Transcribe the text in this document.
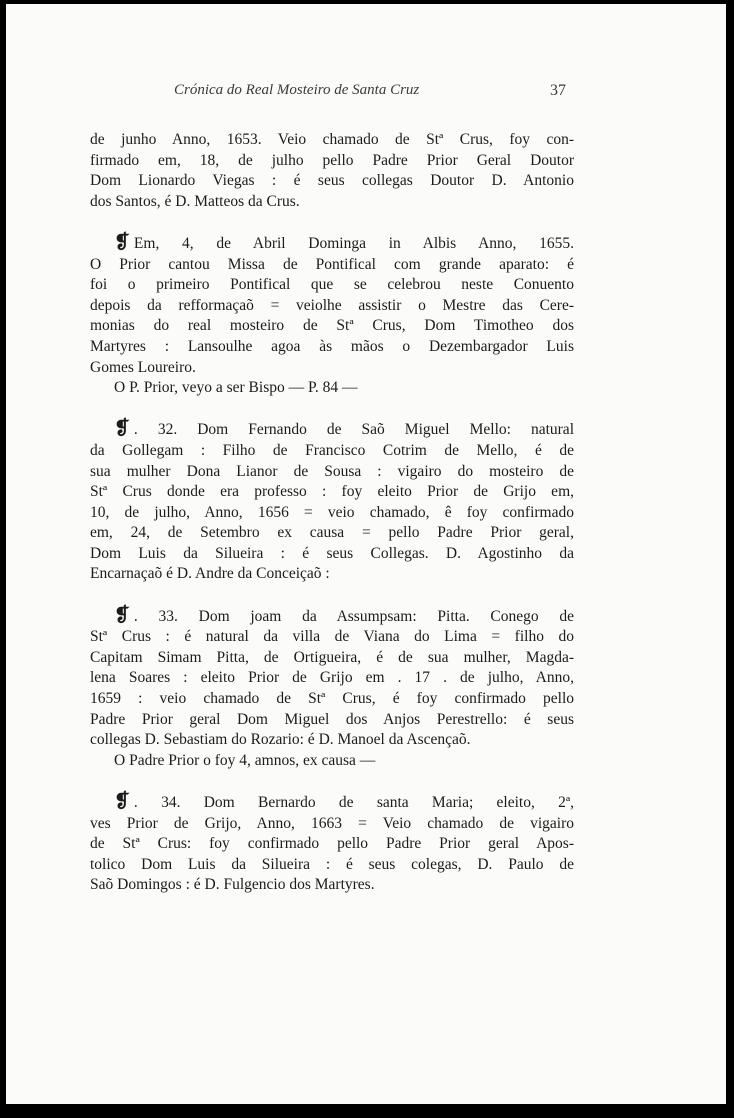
Crónica do Real Mosteiro de Santa Cruz	37

de junho Anno, 1653. Veio chamado de Stª Crus, foy con-
firmado em, 18, de julho pello Padre Prior Geral Doutor
Dom Lionardo Viegas : é seus collegas Doutor D. Antonio
dos Santos, é D. Matteos da Crus.

❡ Em, 4, de Abril Dominga in Albis Anno, 1655.
O Prior cantou Missa de Pontifical com grande aparato: é
foi o primeiro Pontifical que se celebrou neste Conuento
depois da refformaçaõ = veiolhe assistir o Mestre das Cere-
monias do real mosteiro de Stª Crus, Dom Timotheo dos
Martyres : Lansoulhe agoa às mãos o Dezembargador Luis
Gomes Loureiro.

O P. Prior, veyo a ser Bispo — P. 84 —

❡ . 32. Dom Fernando de Saõ Miguel Mello: natural
da Gollegam : Filho de Francisco Cotrim de Mello, é de
sua mulher Dona Lianor de Sousa : vigairo do mosteiro de
Stª Crus donde era professo : foy eleito Prior de Grijo em,
10, de julho, Anno, 1656 = veio chamado, ê foy confirmado
em, 24, de Setembro ex causa = pello Padre Prior geral,
Dom Luis da Silueira : é seus Collegas. D. Agostinho da
Encarnaçaõ é D. Andre da Conceiçaõ :

❡ . 33. Dom joam da Assumpsam: Pitta. Conego de
Stª Crus : é natural da villa de Viana do Lima = filho do
Capitam Simam Pitta, de Ortigueira, é de sua mulher, Magda-
lena Soares : eleito Prior de Grijo em . 17 . de julho, Anno,
1659 : veio chamado de Stª Crus, é foy confirmado pello
Padre Prior geral Dom Miguel dos Anjos Perestrello: é seus
collegas D. Sebastiam do Rozario: é D. Manoel da Ascençaõ.

O Padre Prior o foy 4, amnos, ex causa —

❡ . 34. Dom Bernardo de santa Maria; eleito, 2ª,
ves Prior de Grijo, Anno, 1663 = Veio chamado de vigairo
de Stª Crus: foy confirmado pello Padre Prior geral Apos-
tolico Dom Luis da Silueira : é seus colegas, D. Paulo de
Saõ Domingos : é D. Fulgencio dos Martyres.
